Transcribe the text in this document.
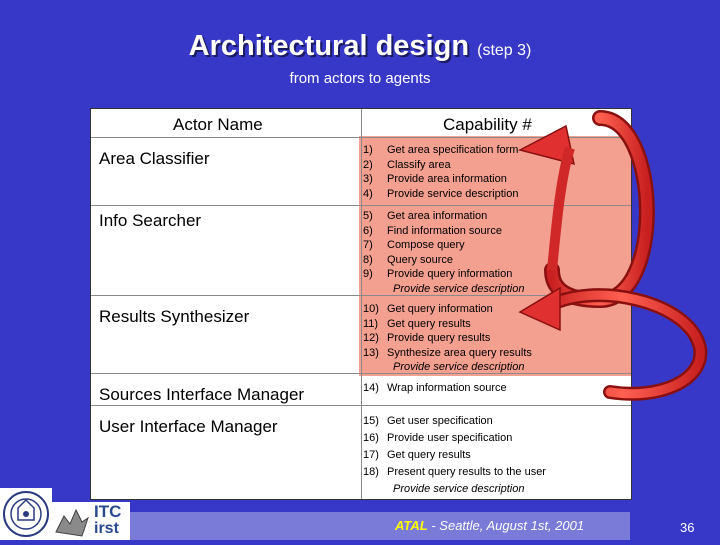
Architectural design (step 3)
from actors to agents
Actor Name	Capability #
Area Classifier	1) Get area specification form
2) Classify area
3) Provide area information
4) Provide service description
Info Searcher	5) Get area information
6) Find information source
7) Compose query
8) Query source
9) Provide query information
Provide service description
Results Synthesizer	10) Get query information
11) Get query results
12) Provide query results
13) Synthesize area query results
Provide service description
Sources Interface Manager	14) Wrap information source
User Interface Manager	15) Get user specification
16) Provide user specification
17) Get query results
18) Present query results to the user
Provide service description
ITC
irst	ATAL - Seattle, August 1st, 2001	36
